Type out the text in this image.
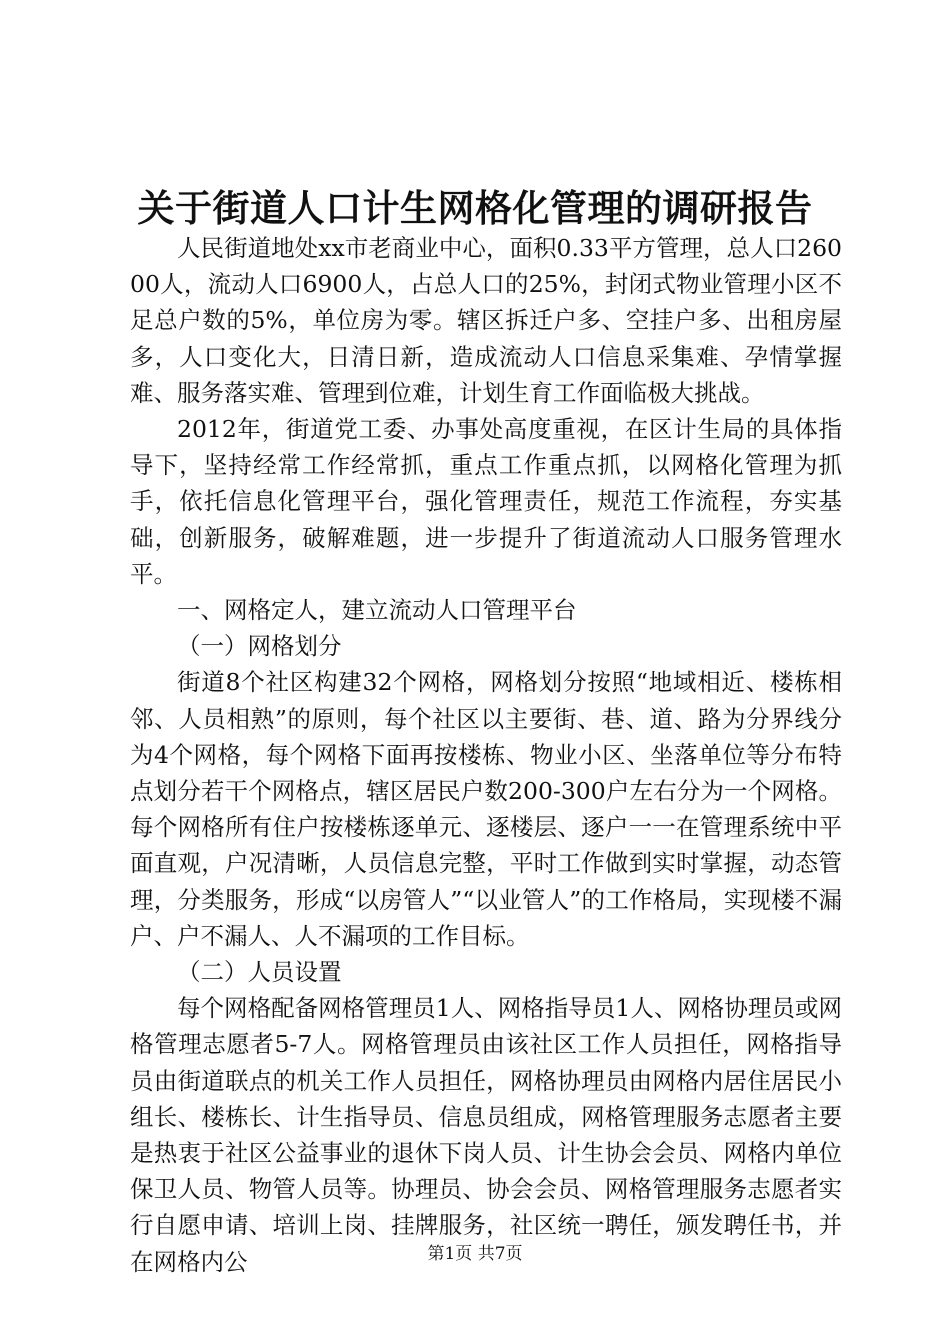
关于街道人口计生网格化管理的调研报告

人民街道地处xx市老商业中心，面积0.33平方管理，总人口26000人，流动人口6900人，占总人口的25%，封闭式物业管理小区不足总户数的5%，单位房为零。辖区拆迁户多、空挂户多、出租房屋多，人口变化大，日清日新，造成流动人口信息采集难、孕情掌握难、服务落实难、管理到位难，计划生育工作面临极大挑战。

2012年，街道党工委、办事处高度重视，在区计生局的具体指导下，坚持经常工作经常抓，重点工作重点抓，以网格化管理为抓手，依托信息化管理平台，强化管理责任，规范工作流程，夯实基础，创新服务，破解难题，进一步提升了街道流动人口服务管理水平。

一、网格定人，建立流动人口管理平台

（一）网格划分

街道8个社区构建32个网格，网格划分按照“地域相近、楼栋相邻、人员相熟”的原则，每个社区以主要街、巷、道、路为分界线分为4个网格，每个网格下面再按楼栋、物业小区、坐落单位等分布特点划分若干个网格点，辖区居民户数200-300户左右分为一个网格。每个网格所有住户按楼栋逐单元、逐楼层、逐户一一在管理系统中平面直观，户况清晰，人员信息完整，平时工作做到实时掌握，动态管理，分类服务，形成“以房管人”“以业管人”的工作格局，实现楼不漏户、户不漏人、人不漏项的工作目标。

（二）人员设置

每个网格配备网格管理员1人、网格指导员1人、网格协理员或网格管理志愿者5-7人。网格管理员由该社区工作人员担任，网格指导员由街道联点的机关工作人员担任，网格协理员由网格内居住居民小组长、楼栋长、计生指导员、信息员组成，网格管理服务志愿者主要是热衷于社区公益事业的退休下岗人员、计生协会会员、网格内单位保卫人员、物管人员等。协理员、协会会员、网格管理服务志愿者实行自愿申请、培训上岗、挂牌服务，社区统一聘任，颁发聘任书，并在网格内公	第1页 共7页
